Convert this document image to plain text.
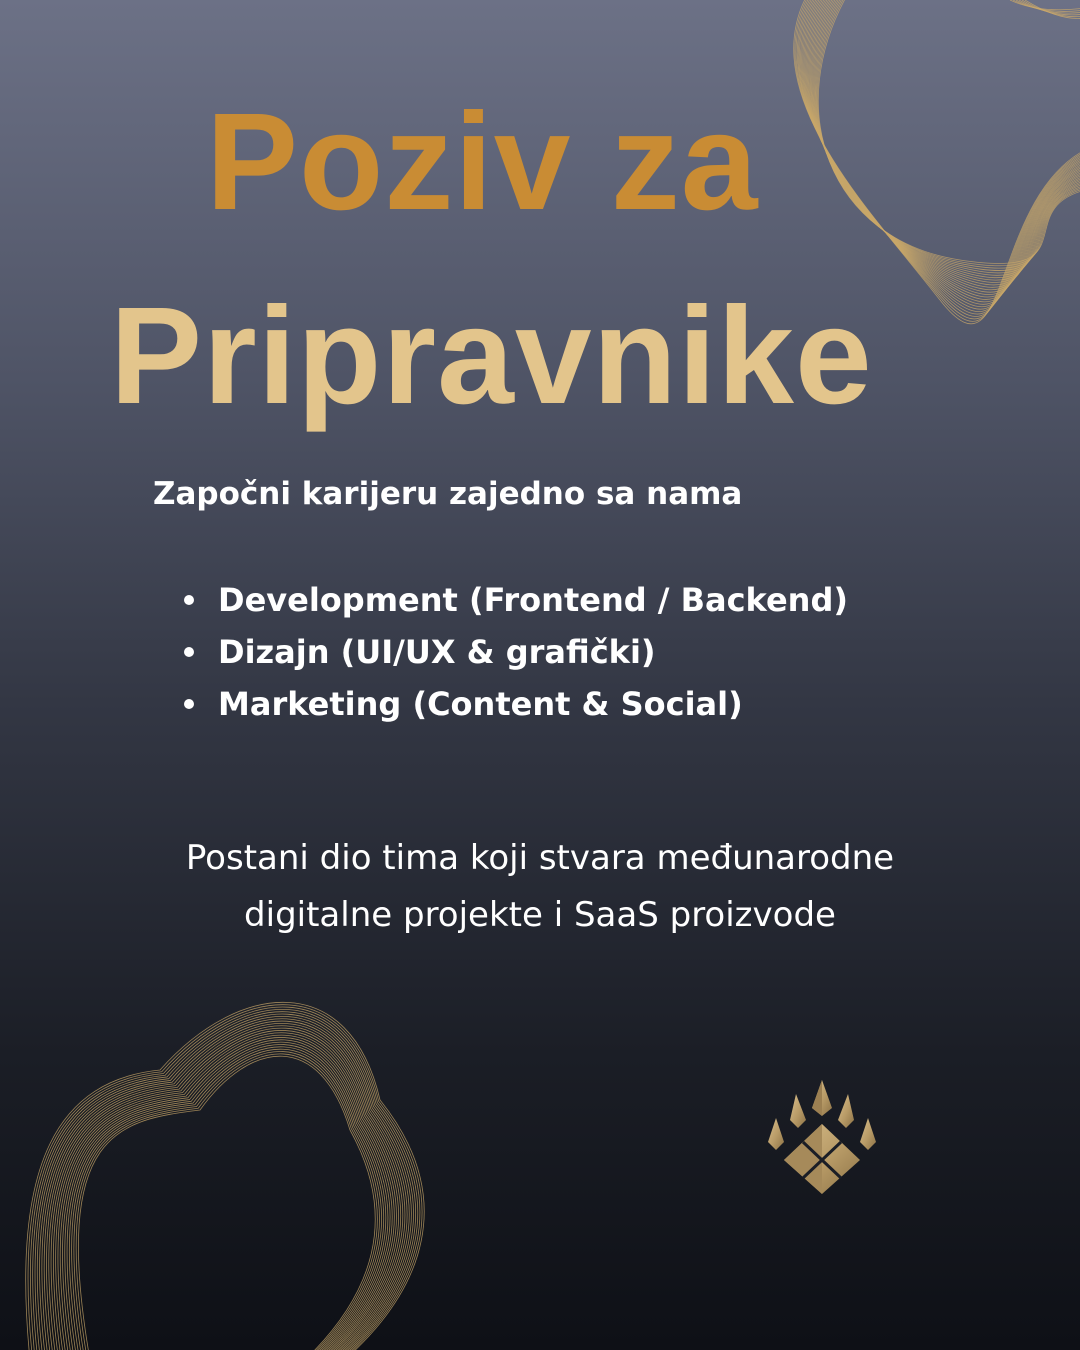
Poziv za
Pripravnike

Započni karijeru zajedno sa nama

Development (Frontend / Backend)
Dizajn (UI/UX & grafički)
Marketing (Content & Social)

Postani dio tima koji stvara međunarodne
digitalne projekte i SaaS proizvode
